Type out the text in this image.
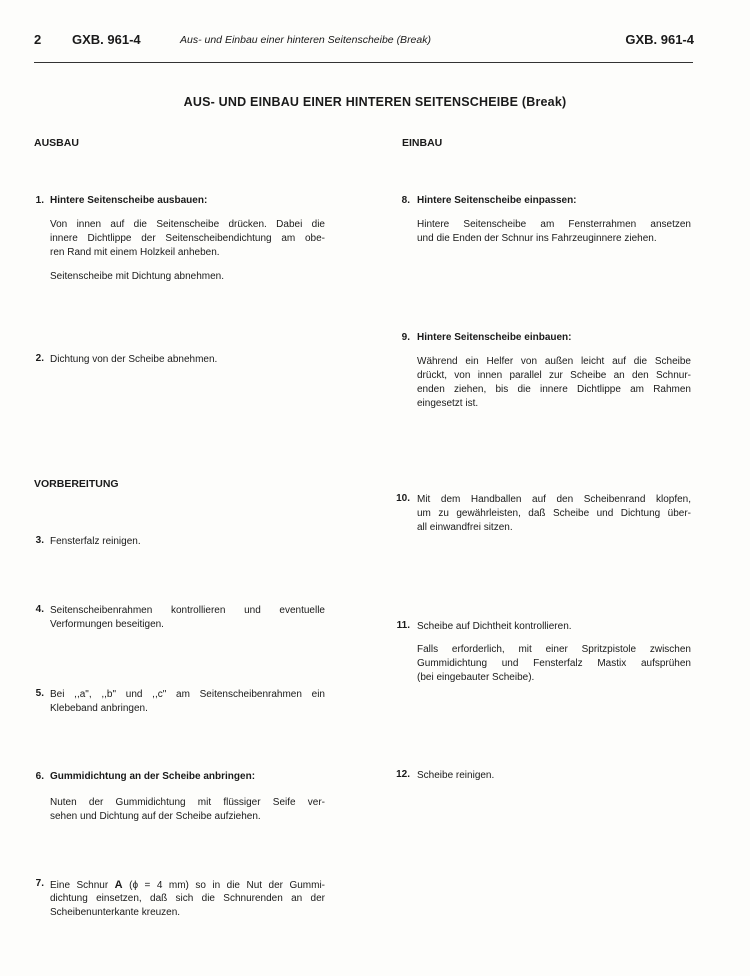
2 GXB. 961-4	Aus- und Einbau einer hinteren Seitenscheibe (Break)	GXB. 961-4
AUS- UND EINBAU EINER HINTEREN SEITENSCHEIBE (Break)
AUSBAU
1. Hintere Seitenscheibe ausbauen:
Von innen auf die Seitenscheibe drücken. Dabei die
innere Dichtlippe der Seitenscheibendichtung am obe-
ren Rand mit einem Holzkeil anheben.
Seitenscheibe mit Dichtung abnehmen.
2. Dichtung von der Scheibe abnehmen.
VORBEREITUNG
3. Fensterfalz reinigen.
4. Seitenscheibenrahmen kontrollieren und eventuelle
Verformungen beseitigen.
5. Bei ,,a", ,,b" und ,,c" am Seitenscheibenrahmen ein
Klebeband anbringen.
6. Gummidichtung an der Scheibe anbringen:
Nuten der Gummidichtung mit flüssiger Seife ver-
sehen und Dichtung auf der Scheibe aufziehen.
7. Eine Schnur A (ϕ = 4 mm) so in die Nut der Gummi-
dichtung einsetzen, daß sich die Schnurenden an der
Scheibenunterkante kreuzen.
EINBAU
8. Hintere Seitenscheibe einpassen:
Hintere Seitenscheibe am Fensterrahmen ansetzen
und die Enden der Schnur ins Fahrzeuginnere ziehen.
9. Hintere Seitenscheibe einbauen:
Während ein Helfer von außen leicht auf die Scheibe
drückt, von innen parallel zur Scheibe an den Schnur-
enden ziehen, bis die innere Dichtlippe am Rahmen
eingesetzt ist.
10. Mit dem Handballen auf den Scheibenrand klopfen,
um zu gewährleisten, daß Scheibe und Dichtung über-
all einwandfrei sitzen.
11. Scheibe auf Dichtheit kontrollieren.
Falls erforderlich, mit einer Spritzpistole zwischen
Gummidichtung und Fensterfalz Mastix aufsprühen
(bei eingebauter Scheibe).
12. Scheibe reinigen.
